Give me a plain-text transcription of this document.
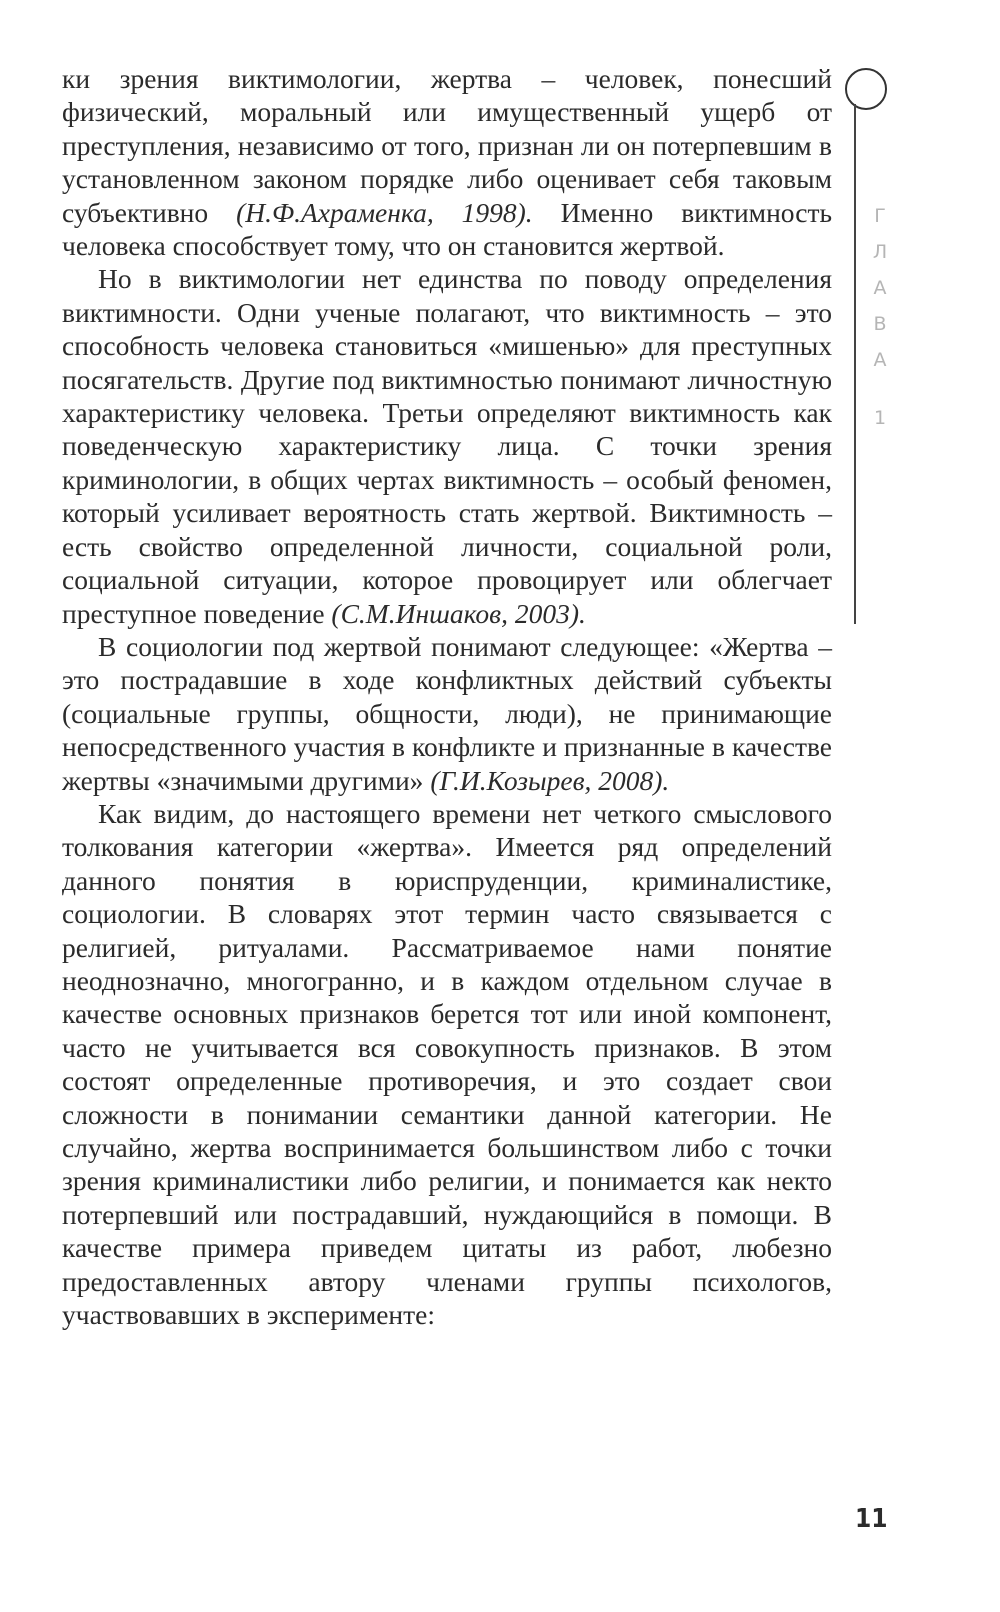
ки зрения виктимологии, жертва – человек, понесший физический, моральный или имущественный ущерб от преступления, независимо от того, признан ли он потерпевшим в установленном законом порядке либо оценивает себя таковым субъективно (Н.Ф.Ахраменка, 1998). Именно виктимность человека способствует тому, что он становится жертвой.

Но в виктимологии нет единства по поводу определения виктимности. Одни ученые полагают, что виктимность – это способность человека становиться «мишенью» для преступных посягательств. Другие под виктимностью понимают личностную характеристику человека. Третьи определяют виктимность как поведенческую характеристику лица. С точки зрения криминологии, в общих чертах виктимность – особый феномен, который усиливает вероятность стать жертвой. Виктимность – есть свойство определенной личности, социальной роли, социальной ситуации, которое провоцирует или облегчает преступное поведение (С.М.Иншаков, 2003).

В социологии под жертвой понимают следующее: «Жертва – это пострадавшие в ходе конфликтных действий субъекты (социальные группы, общности, люди), не принимающие непосредственного участия в конфликте и признанные в качестве жертвы «значимыми другими» (Г.И.Козырев, 2008).

Как видим, до настоящего времени нет четкого смыслового толкования категории «жертва». Имеется ряд определений данного понятия в юриспруденции, криминалистике, социологии. В словарях этот термин часто связывается с религией, ритуалами. Рассматриваемое нами понятие неоднозначно, многогранно, и в каждом отдельном случае в качестве основных признаков берется тот или иной компонент, часто не учитывается вся совокупность признаков. В этом состоят определенные противоречия, и это создает свои сложности в понимании семантики данной категории. Не случайно, жертва воспринимается большинством либо с точки зрения криминалистики либо религии, и понимается как некто потерпевший или пострадавший, нуждающийся в помощи. В качестве примера приведем цитаты из работ, любезно предоставленных автору членами группы психологов, участвовавших в эксперименте:

Г
Л
А
В
А
1
11
